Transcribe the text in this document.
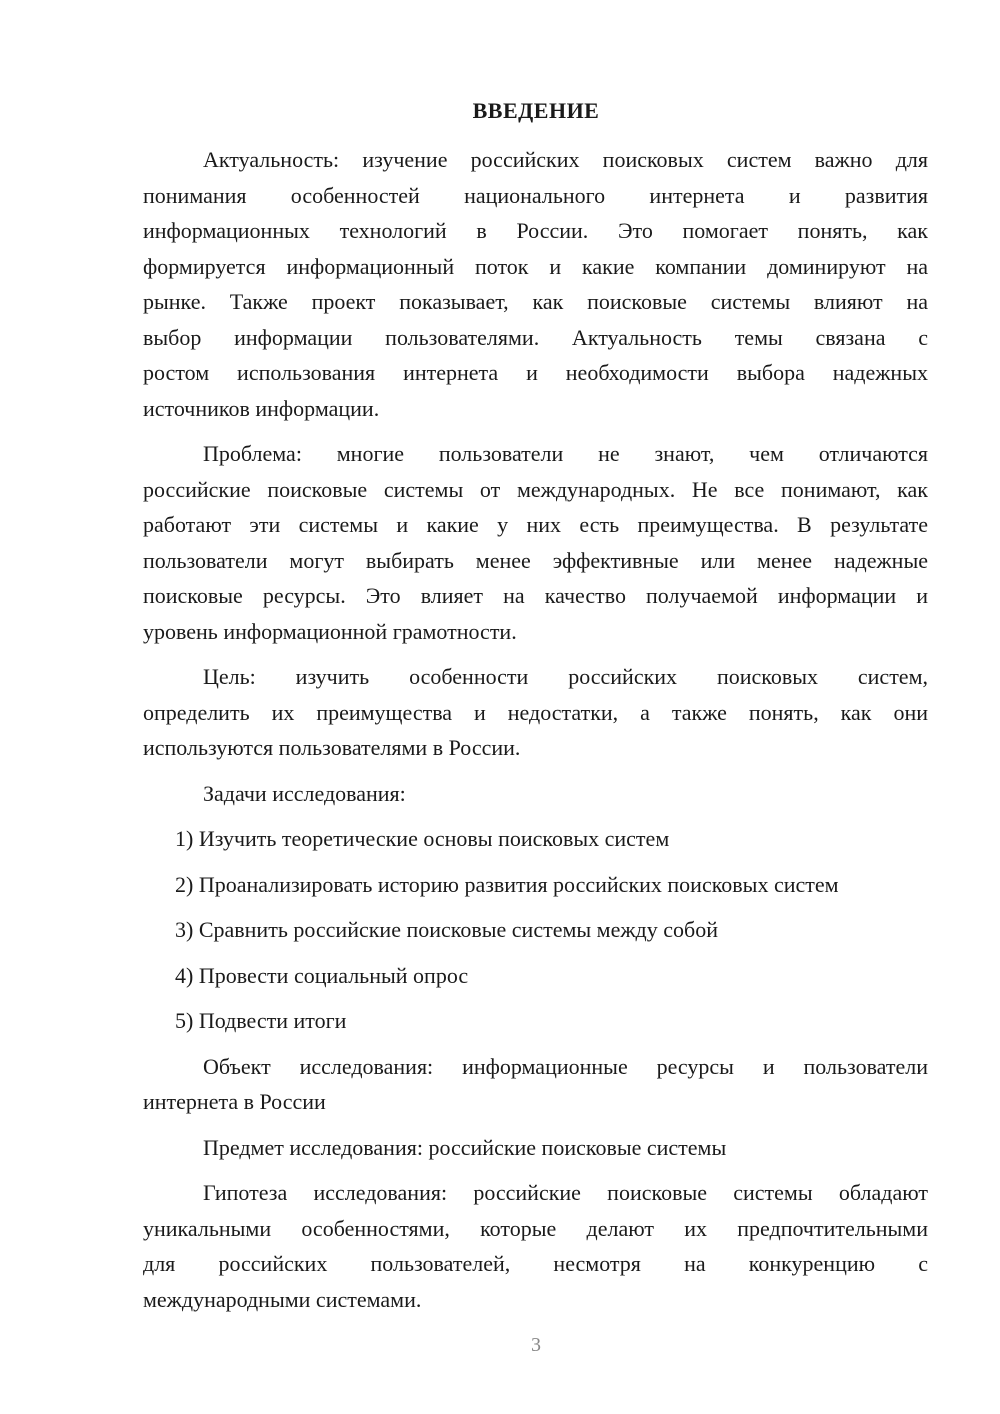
ВВЕДЕНИЕ

Актуальность: изучение российских поисковых систем важно для
понимания особенностей национального интернета и развития
информационных технологий в России. Это помогает понять, как
формируется информационный поток и какие компании доминируют на
рынке. Также проект показывает, как поисковые системы влияют на
выбор информации пользователями. Актуальность темы связана с
ростом использования интернета и необходимости выбора надежных
источников информации.

Проблема: многие пользователи не знают, чем отличаются
российские поисковые системы от международных. Не все понимают, как
работают эти системы и какие у них есть преимущества. В результате
пользователи могут выбирать менее эффективные или менее надежные
поисковые ресурсы. Это влияет на качество получаемой информации и
уровень информационной грамотности.

Цель: изучить особенности российских поисковых систем,
определить их преимущества и недостатки, а также понять, как они
используются пользователями в России.

Задачи исследования:

1) Изучить теоретические основы поисковых систем
2) Проанализировать историю развития российских поисковых систем
3) Сравнить российские поисковые системы между собой
4) Провести социальный опрос
5) Подвести итоги

Объект исследования: информационные ресурсы и пользователи
интернета в России

Предмет исследования: российские поисковые системы

Гипотеза исследования: российские поисковые системы обладают
уникальными особенностями, которые делают их предпочтительными
для российских пользователей, несмотря на конкуренцию с
международными системами.

3
